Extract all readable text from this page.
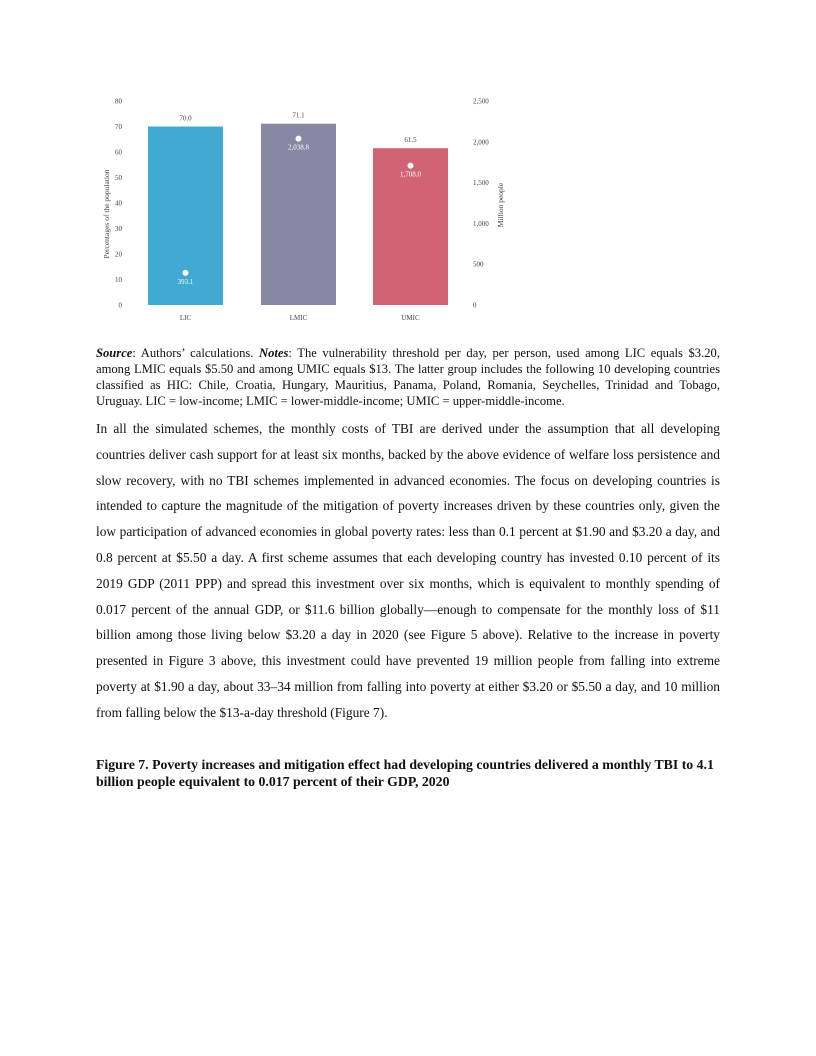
0
10
20
30
40
50
60
70
80
0
500
1,000
1,500
2,000
2,500
Percentages of the population	Million people
70.0	71.1
61.5
393.1
2,038.8
1,708.0
LIC	LMIC	UMIC
Source: Authors’ calculations. Notes: The vulnerability threshold per day, per person, used among LIC equals $3.20, among LMIC equals $5.50 and among UMIC equals $13. The latter group includes the following 10 developing countries classified as HIC: Chile, Croatia, Hungary, Mauritius, Panama, Poland, Romania, Seychelles, Trinidad and Tobago, Uruguay. LIC = low-income; LMIC = lower-middle-income; UMIC = upper-middle-income.

In all the simulated schemes, the monthly costs of TBI are derived under the assumption that all developing countries deliver cash support for at least six months, backed by the above evidence of welfare loss persistence and slow recovery, with no TBI schemes implemented in advanced economies. The focus on developing countries is intended to capture the magnitude of the mitigation of poverty increases driven by these countries only, given the low participation of advanced economies in global poverty rates: less than 0.1 percent at $1.90 and $3.20 a day, and 0.8 percent at $5.50 a day. A first scheme assumes that each developing country has invested 0.10 percent of its 2019 GDP (2011 PPP) and spread this investment over six months, which is equivalent to monthly spending of 0.017 percent of the annual GDP, or $11.6 billion globally—enough to compensate for the monthly loss of $11 billion among those living below $3.20 a day in 2020 (see Figure 5 above). Relative to the increase in poverty presented in Figure 3 above, this investment could have prevented 19 million people from falling into extreme poverty at $1.90 a day, about 33–34 million from falling into poverty at either $3.20 or $5.50 a day, and 10 million from falling below the $13-a-day threshold (Figure 7).

Figure 7. Poverty increases and mitigation effect had developing countries delivered a monthly TBI to 4.1 billion people equivalent to 0.017 percent of their GDP, 2020
